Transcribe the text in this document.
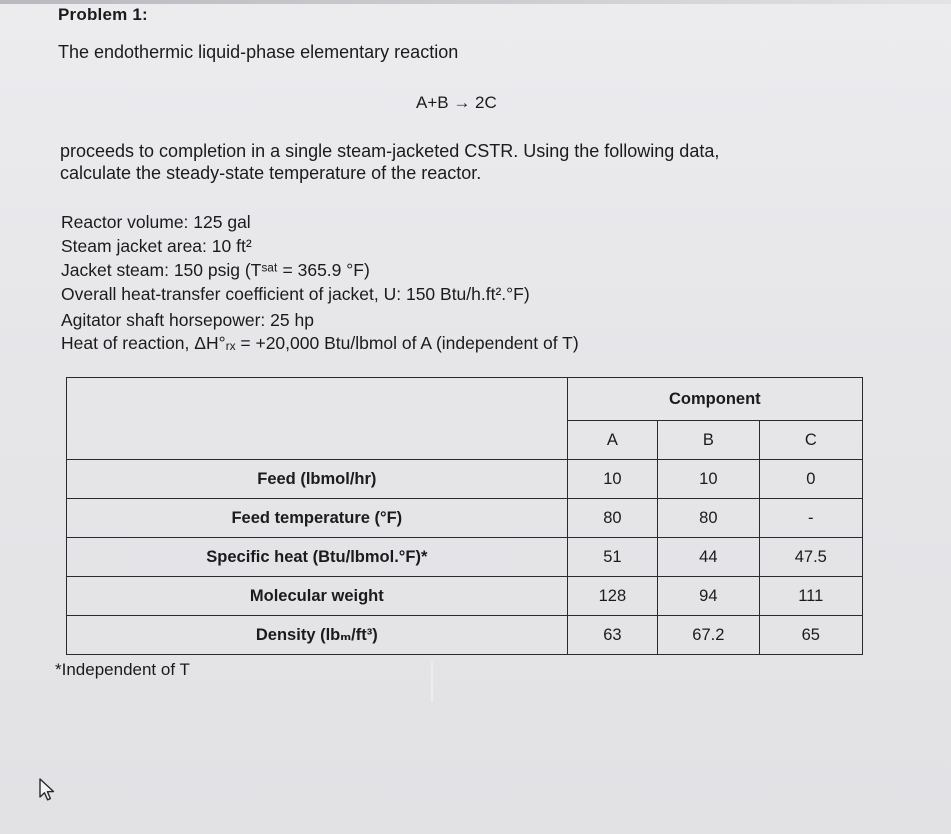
Problem 1:
The endothermic liquid-phase elementary reaction
A+B → 2C
proceeds to completion in a single steam-jacketed CSTR. Using the following data,
calculate the steady-state temperature of the reactor.
Reactor volume: 125 gal
Steam jacket area: 10 ft²
Jacket steam: 150 psig (Tˢᵃᵗ = 365.9 °F)
Overall heat-transfer coefficient of jacket, U: 150 Btu/h.ft².°F)
Agitator shaft horsepower: 25 hp
Heat of reaction, ΔH°ᵣₓ = +20,000 Btu/lbmol of A (independent of T)
	Component		
	A	B	C
Feed (lbmol/hr)	10	10	0
Feed temperature (°F)	80	80	-
Specific heat (Btu/lbmol.°F)*	51	44	47.5
Molecular weight	128	94	111
Density (lbₘ/ft³)	63	67.2	65
*Independent of T
